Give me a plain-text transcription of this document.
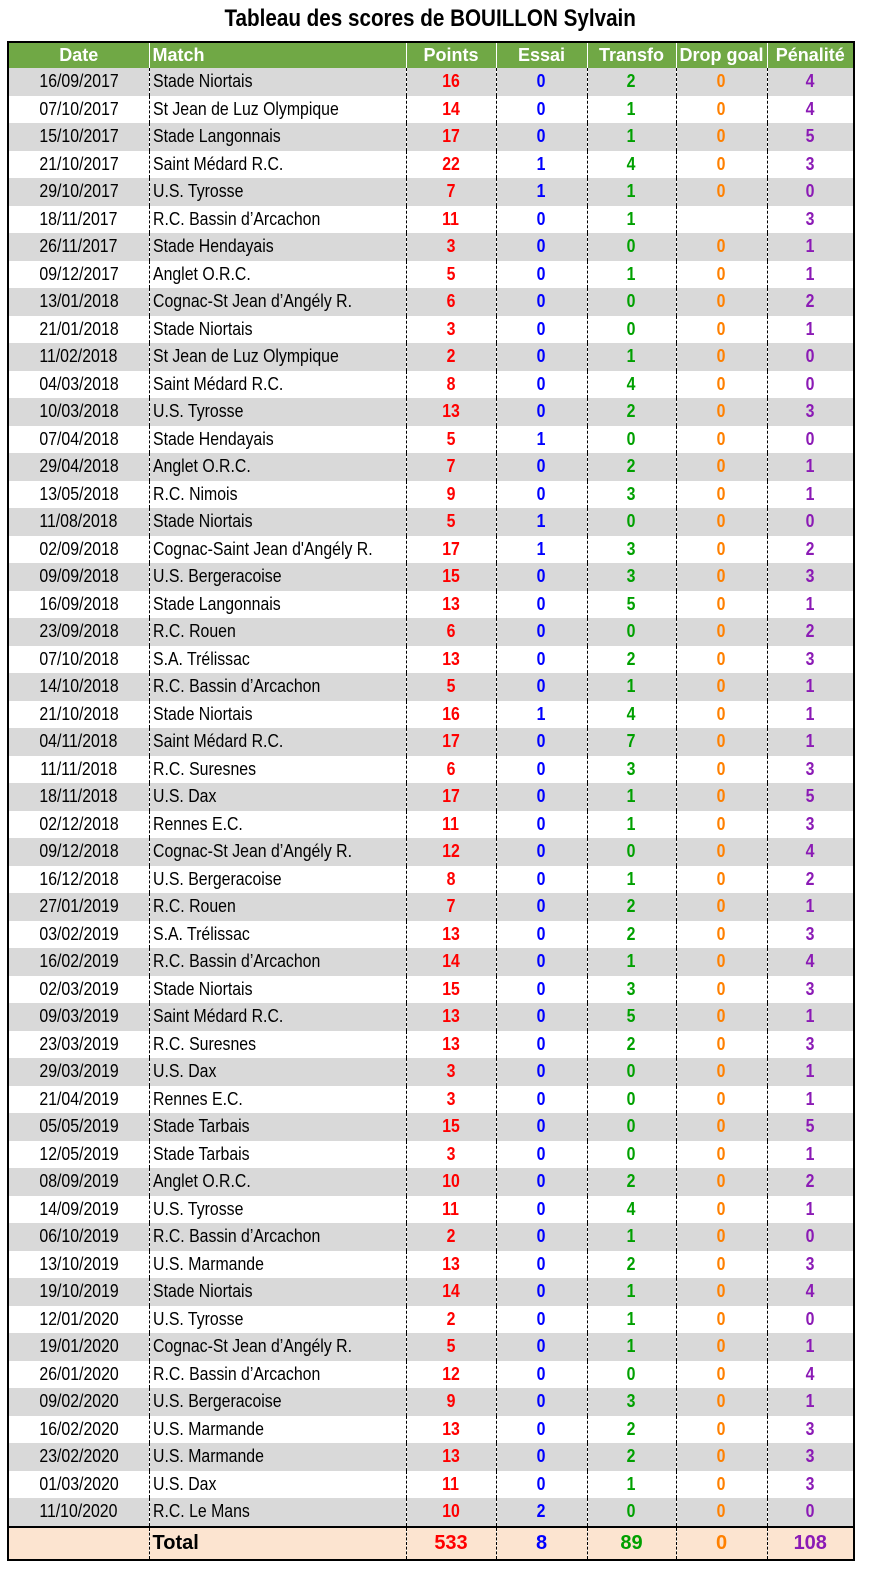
Tableau des scores de BOUILLON Sylvain
Date	Match	Points	Essai	Transfo	Drop goal	Pénalité
16/09/2017	Stade Niortais	16	0	2	0	4
07/10/2017	St Jean de Luz Olympique	14	0	1	0	4
15/10/2017	Stade Langonnais	17	0	1	0	5
21/10/2017	Saint Médard R.C.	22	1	4	0	3
29/10/2017	U.S. Tyrosse	7	1	1	0	0
18/11/2017	R.C. Bassin d’Arcachon	11	0	1		3
26/11/2017	Stade Hendayais	3	0	0	0	1
09/12/2017	Anglet O.R.C.	5	0	1	0	1
13/01/2018	Cognac-St Jean d’Angély R.	6	0	0	0	2
21/01/2018	Stade Niortais	3	0	0	0	1
11/02/2018	St Jean de Luz Olympique	2	0	1	0	0
04/03/2018	Saint Médard R.C.	8	0	4	0	0
10/03/2018	U.S. Tyrosse	13	0	2	0	3
07/04/2018	Stade Hendayais	5	1	0	0	0
29/04/2018	Anglet O.R.C.	7	0	2	0	1
13/05/2018	R.C. Nimois	9	0	3	0	1
11/08/2018	Stade Niortais	5	1	0	0	0
02/09/2018	Cognac-Saint Jean d'Angély R.	17	1	3	0	2
09/09/2018	U.S. Bergeracoise	15	0	3	0	3
16/09/2018	Stade Langonnais	13	0	5	0	1
23/09/2018	R.C. Rouen	6	0	0	0	2
07/10/2018	S.A. Trélissac	13	0	2	0	3
14/10/2018	R.C. Bassin d’Arcachon	5	0	1	0	1
21/10/2018	Stade Niortais	16	1	4	0	1
04/11/2018	Saint Médard R.C.	17	0	7	0	1
11/11/2018	R.C. Suresnes	6	0	3	0	3
18/11/2018	U.S. Dax	17	0	1	0	5
02/12/2018	Rennes E.C.	11	0	1	0	3
09/12/2018	Cognac-St Jean d’Angély R.	12	0	0	0	4
16/12/2018	U.S. Bergeracoise	8	0	1	0	2
27/01/2019	R.C. Rouen	7	0	2	0	1
03/02/2019	S.A. Trélissac	13	0	2	0	3
16/02/2019	R.C. Bassin d’Arcachon	14	0	1	0	4
02/03/2019	Stade Niortais	15	0	3	0	3
09/03/2019	Saint Médard R.C.	13	0	5	0	1
23/03/2019	R.C. Suresnes	13	0	2	0	3
29/03/2019	U.S. Dax	3	0	0	0	1
21/04/2019	Rennes E.C.	3	0	0	0	1
05/05/2019	Stade Tarbais	15	0	0	0	5
12/05/2019	Stade Tarbais	3	0	0	0	1
08/09/2019	Anglet O.R.C.	10	0	2	0	2
14/09/2019	U.S. Tyrosse	11	0	4	0	1
06/10/2019	R.C. Bassin d’Arcachon	2	0	1	0	0
13/10/2019	U.S. Marmande	13	0	2	0	3
19/10/2019	Stade Niortais	14	0	1	0	4
12/01/2020	U.S. Tyrosse	2	0	1	0	0
19/01/2020	Cognac-St Jean d’Angély R.	5	0	1	0	1
26/01/2020	R.C. Bassin d’Arcachon	12	0	0	0	4
09/02/2020	U.S. Bergeracoise	9	0	3	0	1
16/02/2020	U.S. Marmande	13	0	2	0	3
23/02/2020	U.S. Marmande	13	0	2	0	3
01/03/2020	U.S. Dax	11	0	1	0	3
11/10/2020	R.C. Le Mans	10	2	0	0	0
	Total	533	8	89	0	108
